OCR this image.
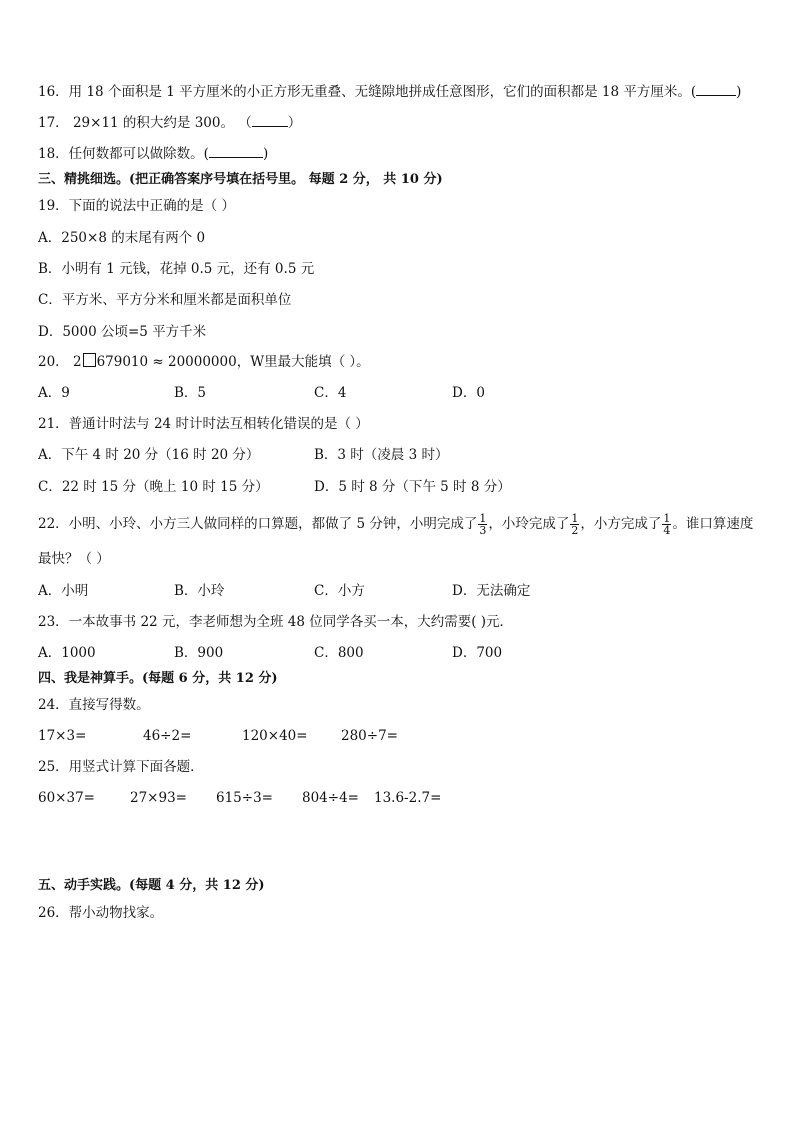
16．用 18 个面积是 1 平方厘米的小正方形无重叠、无缝隙地拼成任意图形，它们的面积都是 18 平方厘米。(	)
17． 29×11 的积大约是 300。 （	）
18．任何数都可以做除数。(	)
三、精挑细选。(把正确答案序号填在括号里。 每题 2 分， 共 10 分)
19．下面的说法中正确的是（ ）
A．250×8 的末尾有两个 0
B．小明有 1 元钱，花掉 0.5 元，还有 0.5 元
C．平方米、平方分米和厘米都是面积单位
D．5000 公顷=5 平方千米
20． 2 679010 ≈ 20000000，W里最大能填（ ）。
A．9	B．5	C．4	D．0
21．普通计时法与 24 时计时法互相转化错误的是（ ）
A．下午 4 时 20 分（16 时 20 分）	B．3 时（凌晨 3 时）
C．22 时 15 分（晚上 10 时 15 分）	D．5 时 8 分（下午 5 时 8 分）
22．小明、小玲、小方三人做同样的口算题，都做了 5 分钟，小明完成了 $\frac{1}{3}$ ，小玲完成了 $\frac{1}{2}$ ，小方完成了 $\frac{1}{4}$ 。谁口算速度
最快？（ ）
A．小明	B．小玲	C．小方	D．无法确定
23．一本故事书 22 元，李老师想为全班 48 位同学各买一本，大约需要( )元．
A．1000	B．900	C．800	D．700
四、我是神算手。(每题 6 分，共 12 分)
24．直接写得数。
17×3=	46÷2=	120×40= 280÷7=
25．用竖式计算下面各题．
60×37=	27×93= 615÷3= 804÷4= 13.6-2.7=
五、动手实践。(每题 4 分，共 12 分)
26．帮小动物找家。
